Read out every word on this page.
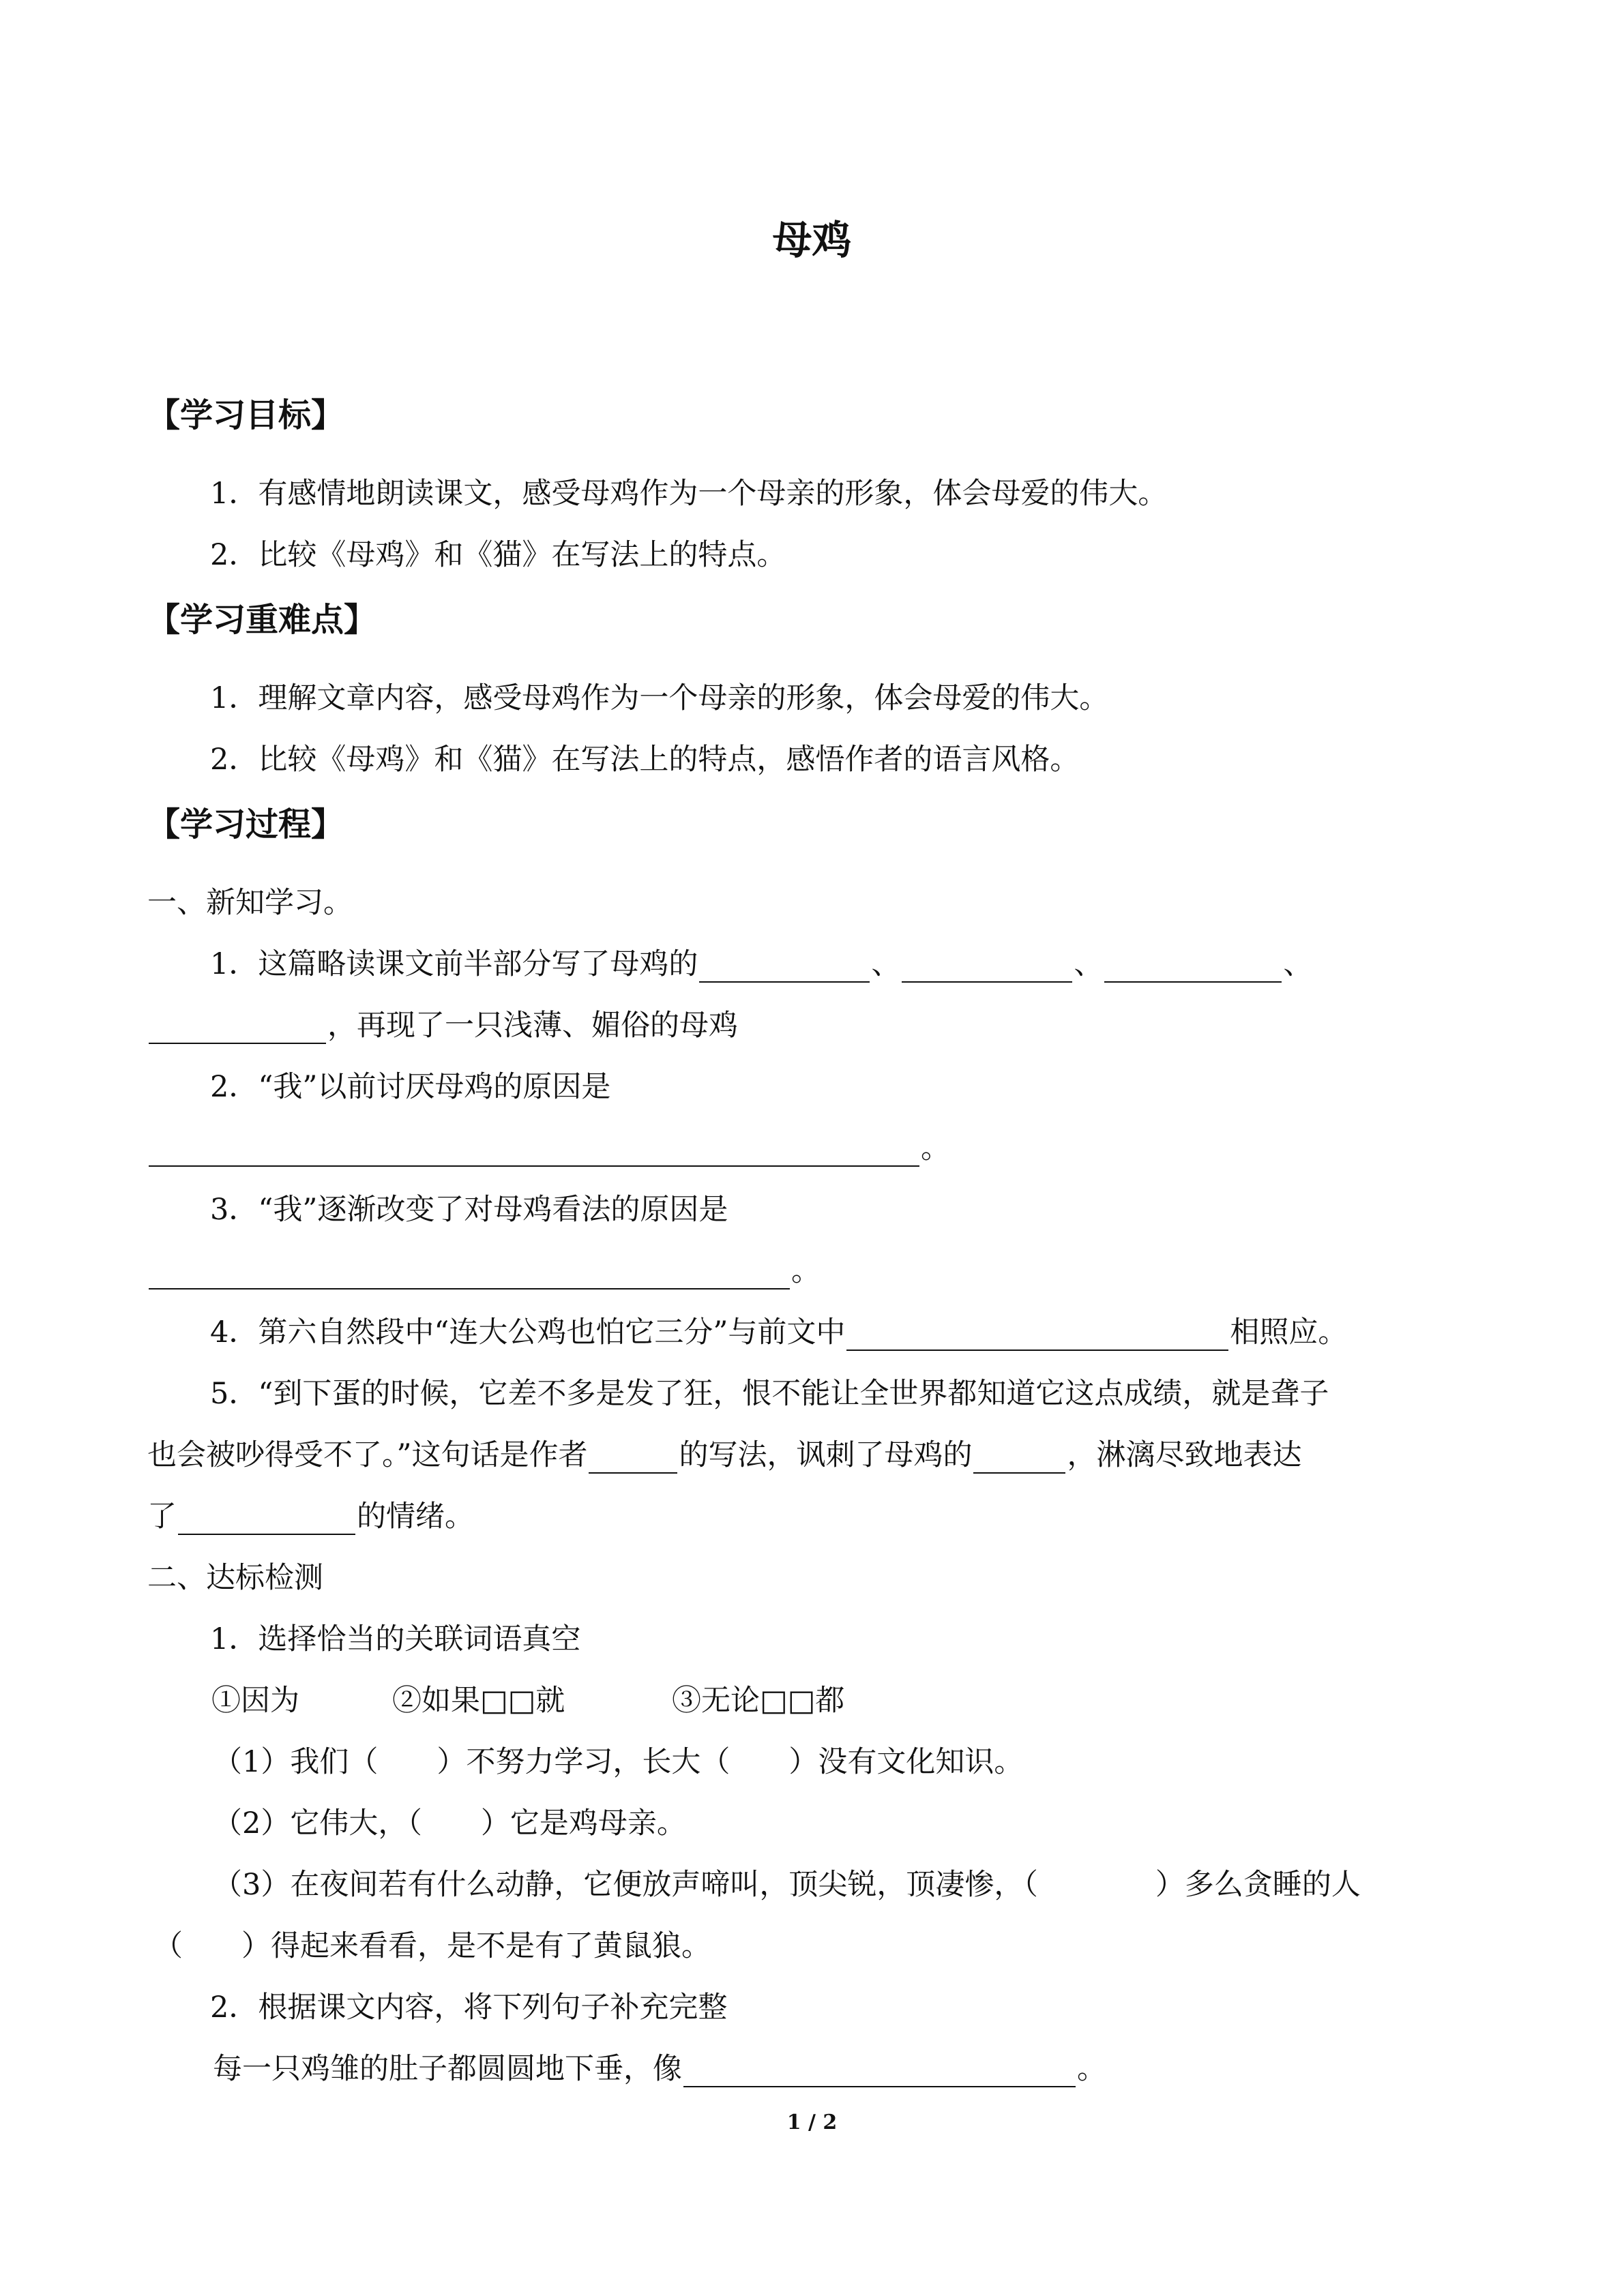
母鸡
【学习目标】
1．有感情地朗读课文，感受母鸡作为一个母亲的形象，体会母爱的伟大。
2．比较《母鸡》和《猫》在写法上的特点。
【学习重难点】
1．理解文章内容，感受母鸡作为一个母亲的形象，体会母爱的伟大。
2．比较《母鸡》和《猫》在写法上的特点，感悟作者的语言风格。
【学习过程】
一、新知学习。
1．这篇略读课文前半部分写了母鸡的	、	、	、
，再现了一只浅薄、媚俗的母鸡
2．“我”以前讨厌母鸡的原因是
。
3．“我”逐渐改变了对母鸡看法的原因是
。
4．第六自然段中“连大公鸡也怕它三分”与前文中	相照应。
5．“到下蛋的时候，它差不多是发了狂，恨不能让全世界都知道它这点成绩，就是聋子
也会被吵得受不了。”这句话是作者	的写法，讽刺了母鸡的	，淋漓尽致地表达
了	的情绪。
二、达标检测
1．选择恰当的关联词语真空
①因为	②如果□□就	③无论□□都
（1）我们（　　）不努力学习，长大（　　）没有文化知识。
（2）它伟大，（　　）它是鸡母亲。
（3）在夜间若有什么动静，它便放声啼叫，顶尖锐，顶凄惨，（　　　　）多么贪睡的人
（　　）得起来看看，是不是有了黄鼠狼。
2．根据课文内容，将下列句子补充完整
每一只鸡雏的肚子都圆圆地下垂，像	。
1 / 2
